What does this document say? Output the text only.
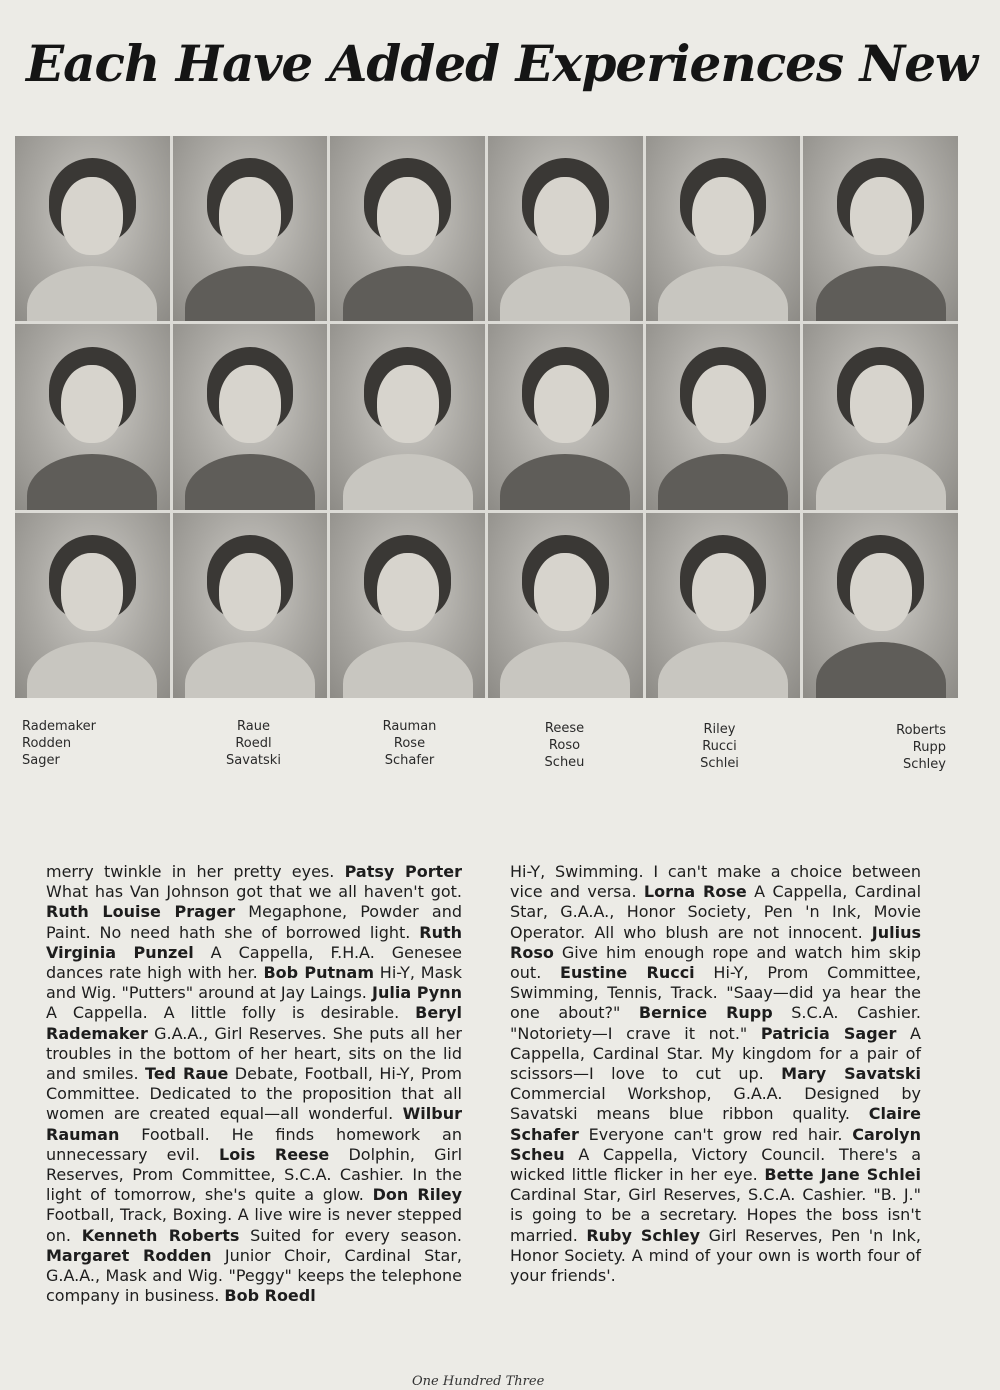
Each Have Added Experiences New
Rademaker
Rodden
Sager
Raue
Roedl
Savatski
Rauman
Rose
Schafer
Reese
Roso
Scheu
Riley
Rucci
Schlei
Roberts
Rupp
Schley
merry twinkle in her pretty eyes. Patsy Porter What has Van Johnson got that we all haven't got. Ruth Louise Prager Megaphone, Powder and Paint. No need hath she of borrowed light. Ruth Virginia Punzel A Cappella, F.H.A. Genesee dances rate high with her. Bob Putnam Hi-Y, Mask and Wig. "Putters" around at Jay Laings. Julia Pynn A Cappella. A little folly is desirable. Beryl Rademaker G.A.A., Girl Reserves. She puts all her troubles in the bottom of her heart, sits on the lid and smiles. Ted Raue Debate, Football, Hi-Y, Prom Committee. Dedicated to the proposition that all women are created equal—all wonderful. Wilbur Rauman Football. He finds homework an unnecessary evil. Lois Reese Dolphin, Girl Reserves, Prom Committee, S.C.A. Cashier. In the light of tomorrow, she's quite a glow. Don Riley Football, Track, Boxing. A live wire is never stepped on. Kenneth Roberts Suited for every season. Margaret Rodden Junior Choir, Cardinal Star, G.A.A., Mask and Wig. "Peggy" keeps the telephone company in business. Bob Roedl
Hi-Y, Swimming. I can't make a choice between vice and versa. Lorna Rose A Cappella, Cardinal Star, G.A.A., Honor Society, Pen 'n Ink, Movie Operator. All who blush are not innocent. Julius Roso Give him enough rope and watch him skip out. Eustine Rucci Hi-Y, Prom Committee, Swimming, Tennis, Track. "Saay—did ya hear the one about?" Bernice Rupp S.C.A. Cashier. "Notoriety—I crave it not." Patricia Sager A Cappella, Cardinal Star. My kingdom for a pair of scissors—I love to cut up. Mary Savatski Commercial Workshop, G.A.A. Designed by Savatski means blue ribbon quality. Claire Schafer Everyone can't grow red hair. Carolyn Scheu A Cappella, Victory Council. There's a wicked little flicker in her eye. Bette Jane Schlei Cardinal Star, Girl Reserves, S.C.A. Cashier. "B. J." is going to be a secretary. Hopes the boss isn't married. Ruby Schley Girl Reserves, Pen 'n Ink, Honor Society. A mind of your own is worth four of your friends'.
One Hundred Three
